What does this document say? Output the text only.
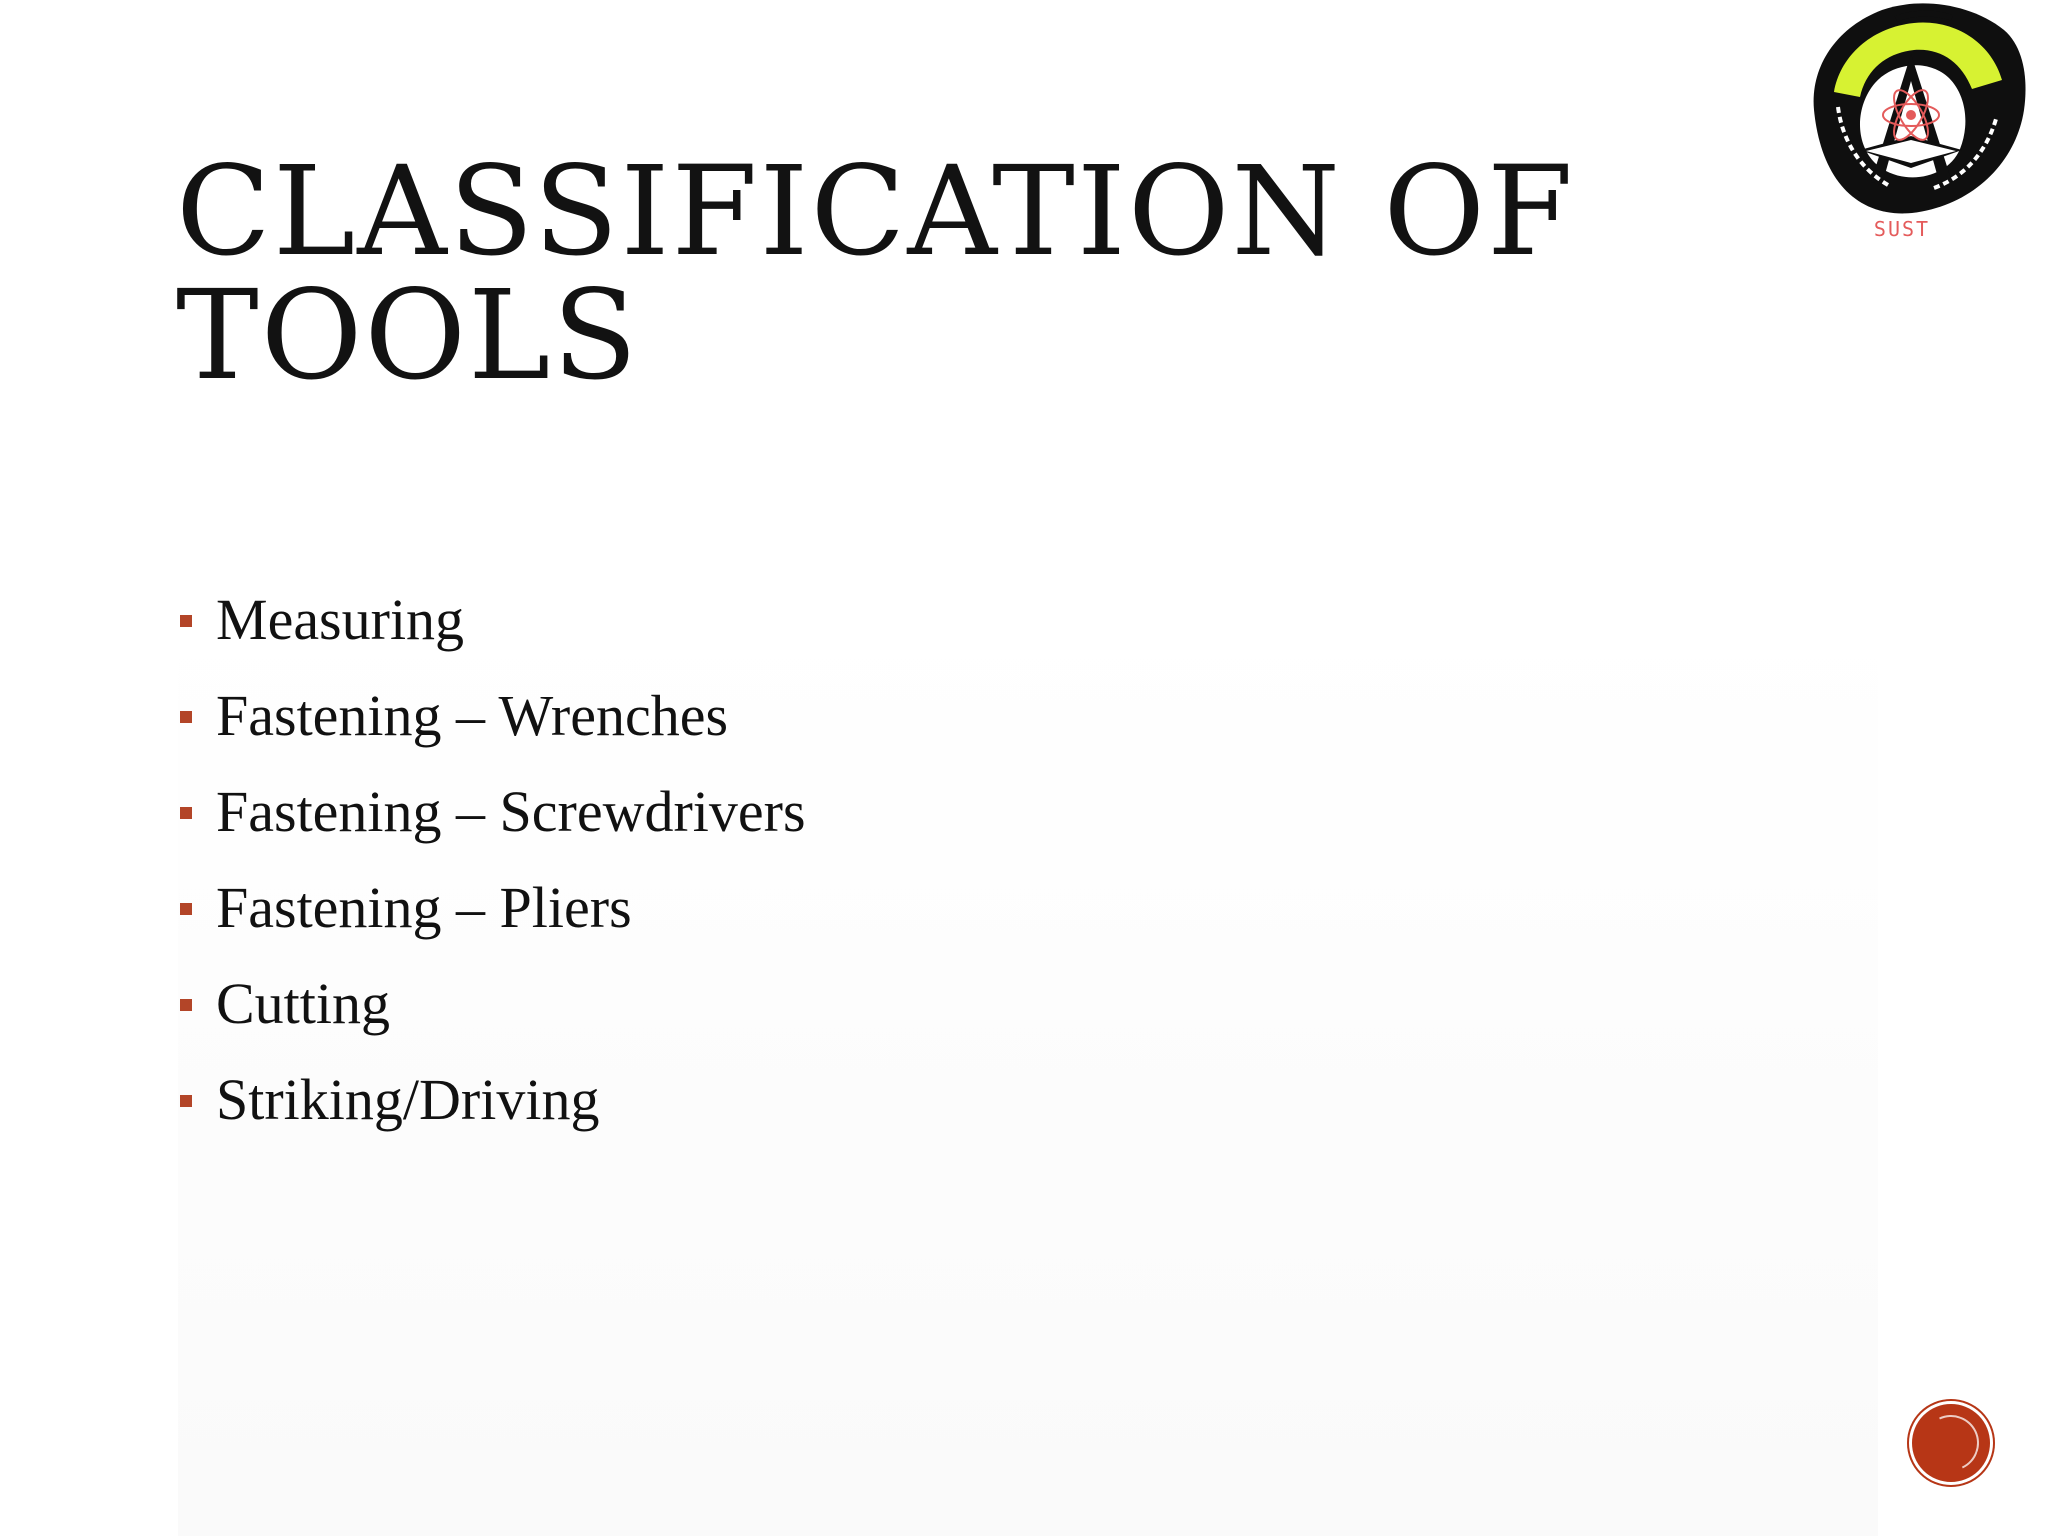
CLASSIFICATION OF
TOOLS
Measuring
Fastening – Wrenches
Fastening – Screwdrivers
Fastening – Pliers
Cutting
Striking/Driving
SUST
